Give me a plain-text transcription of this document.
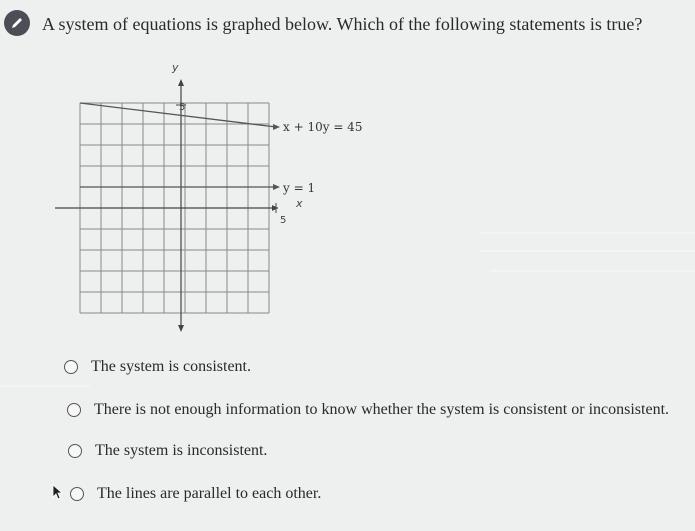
A system of equations is graphed below. Which of the following statements is true?
y
x
5
5
x + 10y = 45
y = 1
The system is consistent.
There is not enough information to know whether the system is consistent or inconsistent.
The system is inconsistent.
The lines are parallel to each other.
